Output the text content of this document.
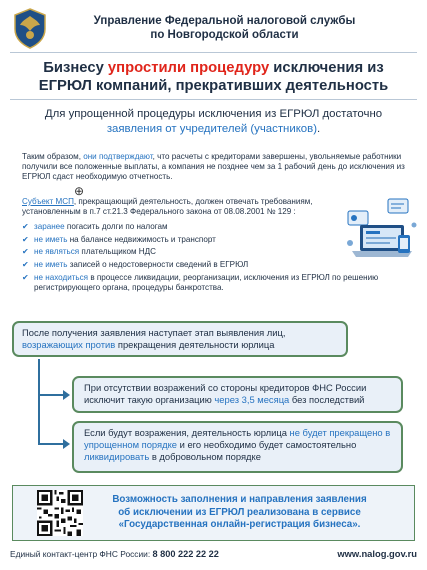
Управление Федеральной налоговой службы
по Новгородской области
Бизнесу упростили процедуру исключения из
ЕГРЮЛ компаний, прекративших деятельность
Для упрощенной процедуры исключения из ЕГРЮЛ достаточно
заявления от учредителей (участников).
Таким образом, они подтверждают, что расчеты с кредиторами завершены, увольняемые работники получили все положенные выплаты, а компания не позднее чем за 1 рабочий день до исключения из ЕГРЮЛ сдаст необходимую отчетность.
⊕
Субъект МСП, прекращающий деятельность, должен отвечать требованиям,
установленным в п.7 ст.21.3 Федерального закона от 08.08.2001 № 129 :
✔ заранее погасить долги по налогам
✔ не иметь на балансе недвижимость и транспорт
✔ не являться плательщиком НДС
✔ не иметь записей о недостоверности сведений в ЕГРЮЛ
✔ не находиться в процессе ликвидации, реорганизации, исключения из ЕГРЮЛ по решению регистрирующего органа, процедуры банкротства.
После получения заявления наступает этап выявления лиц,
возражающих против прекращения деятельности юрлица
При отсутствии возражений со стороны кредиторов ФНС России исключит такую организацию через 3,5 месяца без последствий
Если будут возражения, деятельность юрлица не будет прекращено в упрощенном порядке и его необходимо будет самостоятельно ликвидировать в добровольном порядке
Возможность заполнения и направления заявления
об исключении из ЕГРЮЛ реализована в сервисе
«Государственная онлайн-регистрация бизнеса».
Единый контакт-центр ФНС России: 8 800 222 22 22	www.nalog.gov.ru
